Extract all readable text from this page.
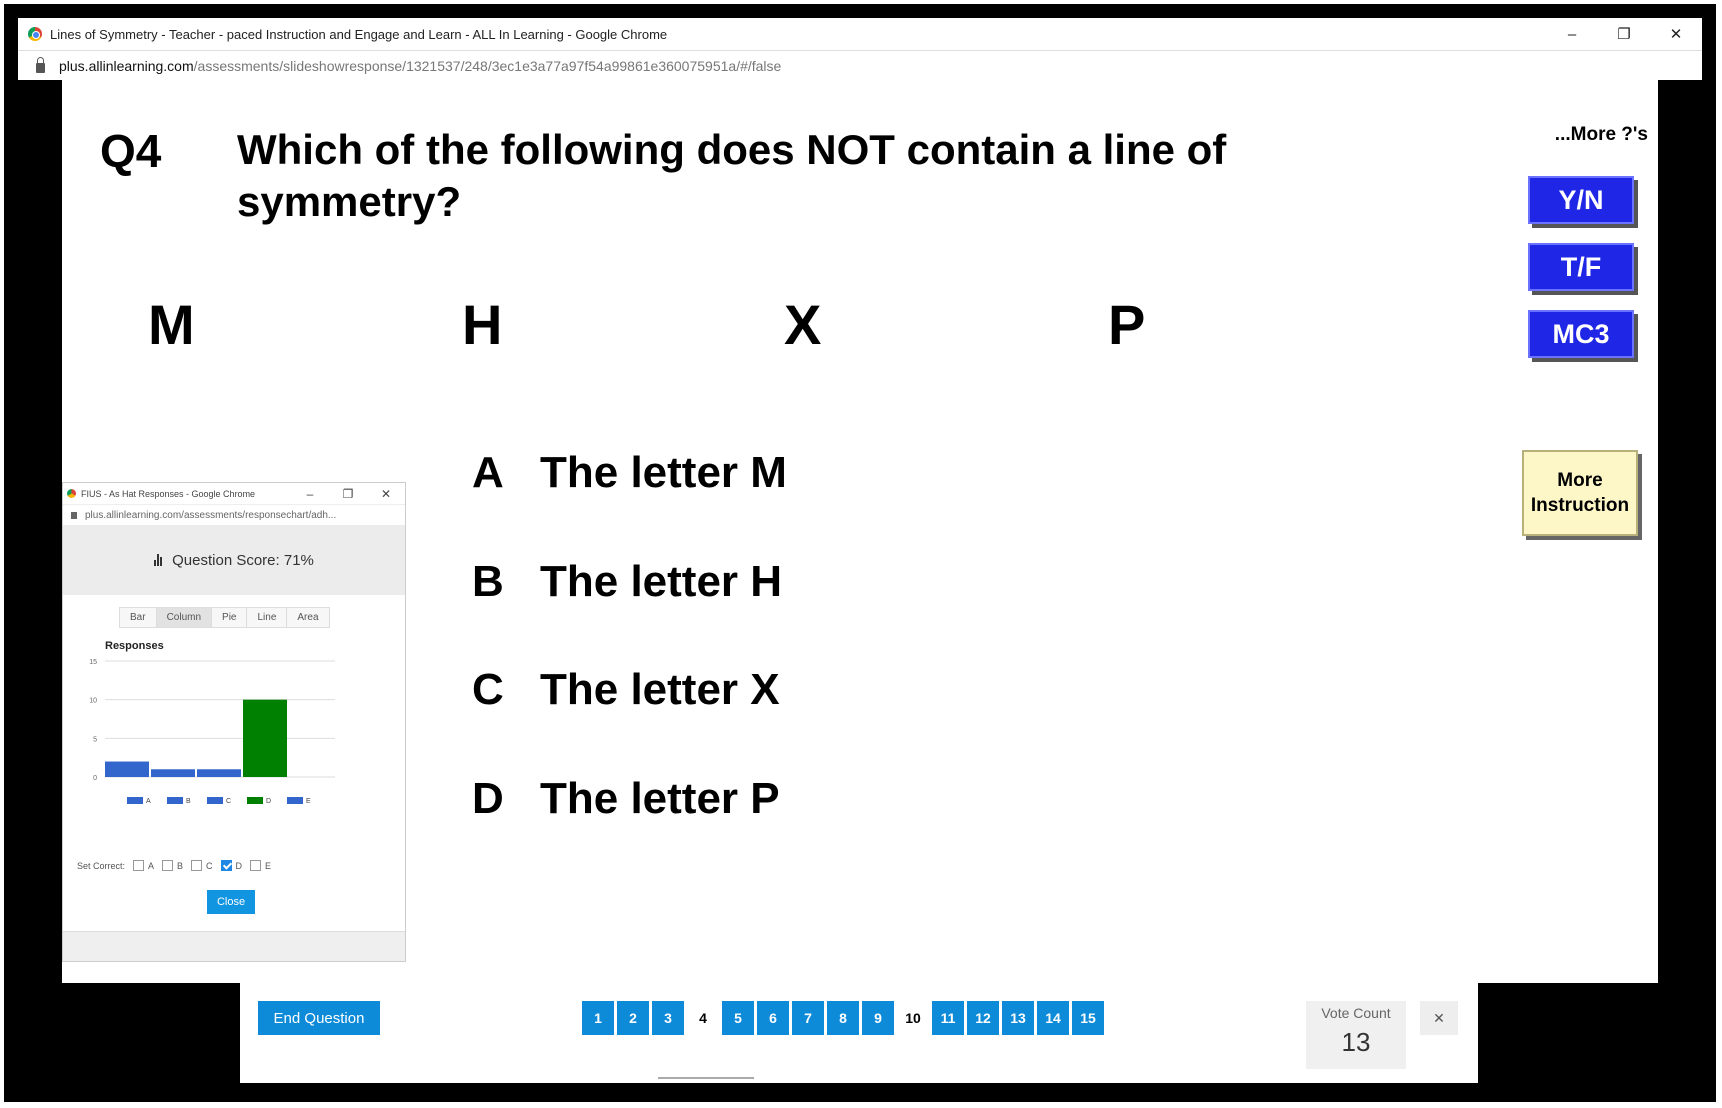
Lines of Symmetry - Teacher - paced Instruction and Engage and Learn - ALL In Learning - Google Chrome	–	❐	✕
plus.allinlearning.com/assessments/slideshowresponse/1321537/248/3ec1e3a77a97f54a99861e360075951a/#/false
Q4 Which of the following does NOT contain a line of symmetry?
M	H	X	P
A The letter M
B The letter H
C The letter X
D The letter P
...More ?'s
Y/N
T/F
MC3
More Instruction
FIUS - As Hat Responses - Google Chrome	–	❐	✕
plus.allinlearning.com/assessments/responsechart/adh...
Question Score: 71%
Bar	Column	Pie	Line	Area
Responses
0
5
10
15
A	B	C	D	E
Set Correct:	A	B	C	D	E
Close
End Question	1	2	3	4	5	6	7	8	9	10	11	12	13	14	15	Vote Count
13
✕
